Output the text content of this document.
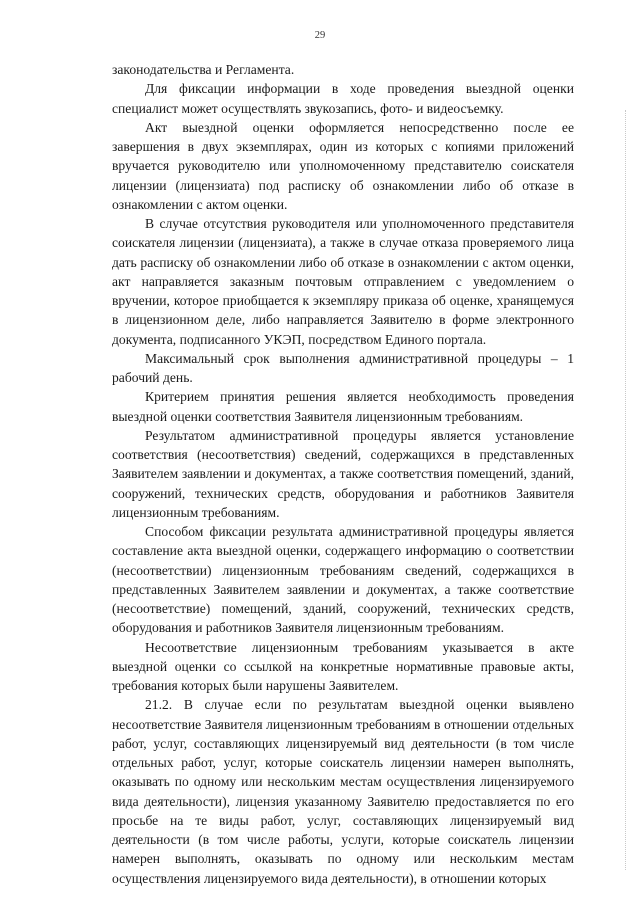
29

законодательства и Регламента.

Для фиксации информации в ходе проведения выездной оценки специалист может осуществлять звукозапись, фото- и видеосъемку.

Акт выездной оценки оформляется непосредственно после ее завершения в двух экземплярах, один из которых с копиями приложений вручается руководителю или уполномоченному представителю соискателя лицензии (лицензиата) под расписку об ознакомлении либо об отказе в ознакомлении с актом оценки.

В случае отсутствия руководителя или уполномоченного представителя соискателя лицензии (лицензиата), а также в случае отказа проверяемого лица дать расписку об ознакомлении либо об отказе в ознакомлении с актом оценки, акт направляется заказным почтовым отправлением с уведомлением о вручении, которое приобщается к экземпляру приказа об оценке, хранящемуся в лицензионном деле, либо направляется Заявителю в форме электронного документа, подписанного УКЭП, посредством Единого портала.

Максимальный срок выполнения административной процедуры – 1 рабочий день.

Критерием принятия решения является необходимость проведения выездной оценки соответствия Заявителя лицензионным требованиям.

Результатом административной процедуры является установление соответствия (несоответствия) сведений, содержащихся в представленных Заявителем заявлении и документах, а также соответствия помещений, зданий, сооружений, технических средств, оборудования и работников Заявителя лицензионным требованиям.

Способом фиксации результата административной процедуры является составление акта выездной оценки, содержащего информацию о соответствии (несоответствии) лицензионным требованиям сведений, содержащихся в представленных Заявителем заявлении и документах, а также соответствие (несоответствие) помещений, зданий, сооружений, технических средств, оборудования и работников Заявителя лицензионным требованиям.

Несоответствие лицензионным требованиям указывается в акте выездной оценки со ссылкой на конкретные нормативные правовые акты, требования которых были нарушены Заявителем.

21.2. В случае если по результатам выездной оценки выявлено несоответствие Заявителя лицензионным требованиям в отношении отдельных работ, услуг, составляющих лицензируемый вид деятельности (в том числе отдельных работ, услуг, которые соискатель лицензии намерен выполнять, оказывать по одному или нескольким местам осуществления лицензируемого вида деятельности), лицензия указанному Заявителю предоставляется по его просьбе на те виды работ, услуг, составляющих лицензируемый вид деятельности (в том числе работы, услуги, которые соискатель лицензии намерен выполнять, оказывать по одному или нескольким местам осуществления лицензируемого вида деятельности), в отношении которых
